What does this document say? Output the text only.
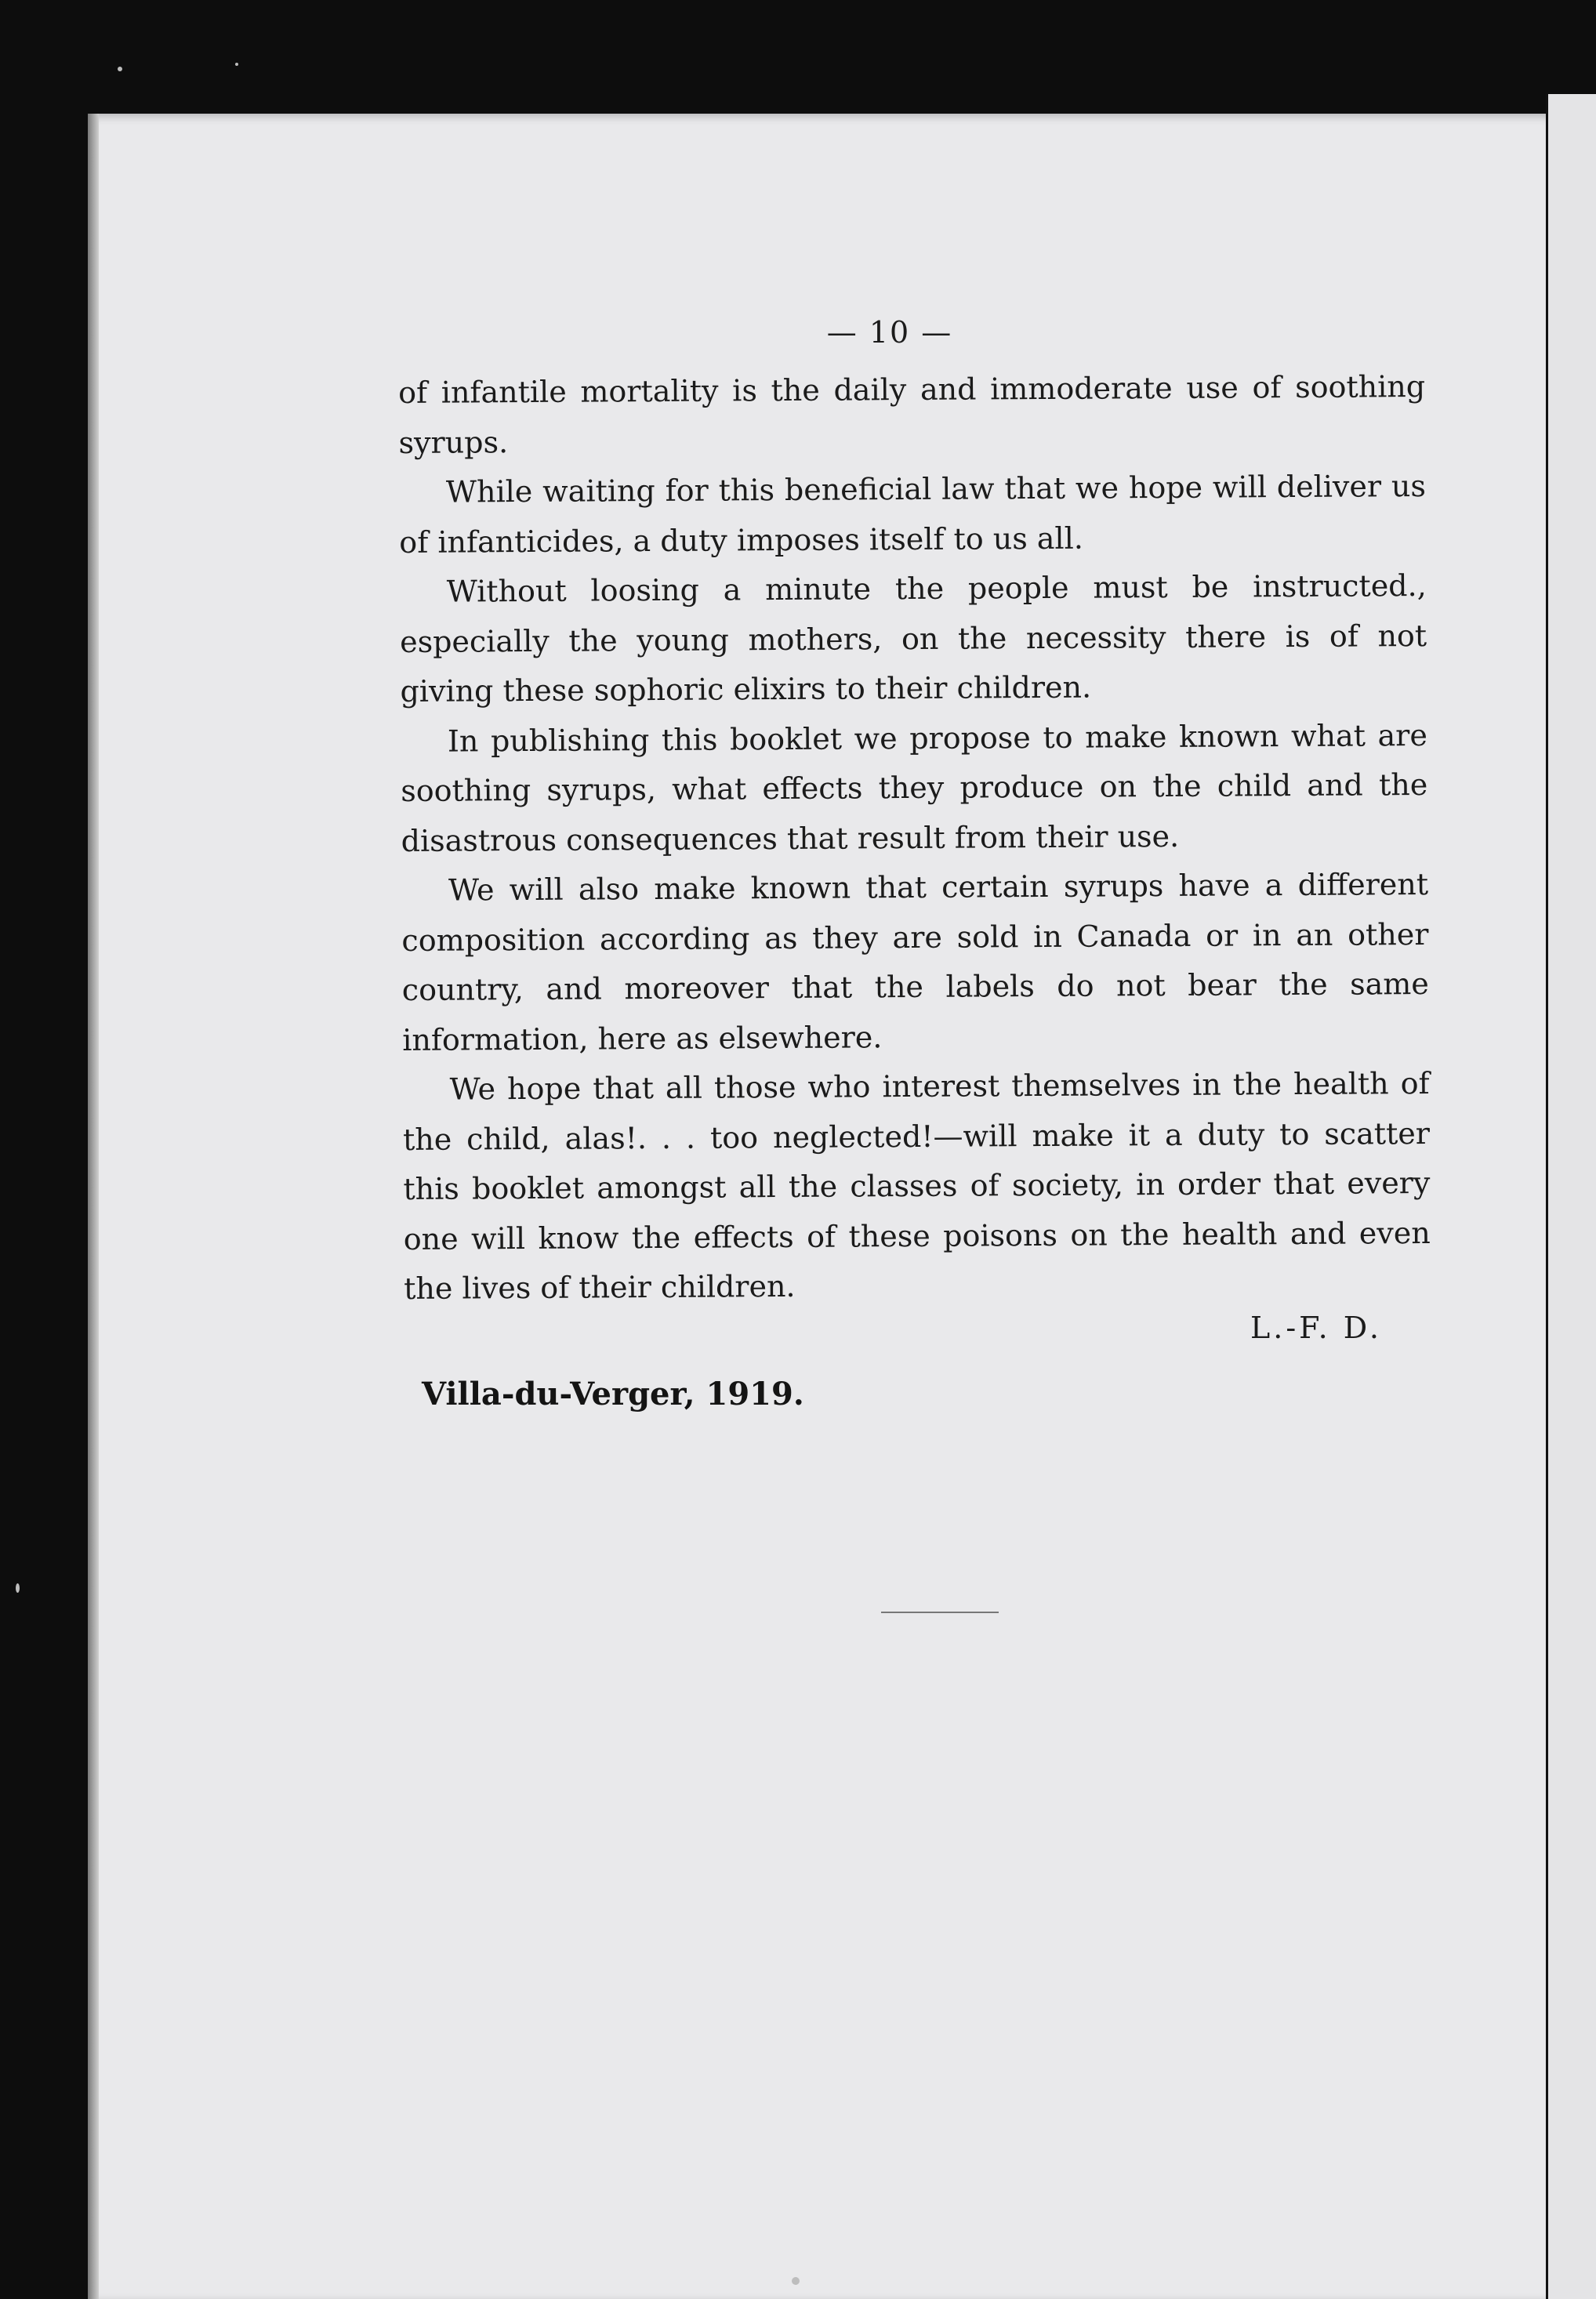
— 10 —

of infantile mortality is the daily and immoderate use of soothing syrups.

While waiting for this beneficial law that we hope will deliver us of infanticides, a duty imposes itself to us all.

Without loosing a minute the people must be instructed., especially the young mothers, on the necessity there is of not giving these sophoric elixirs to their children.

In publishing this booklet we propose to make known what are soothing syrups, what effects they produce on the child and the disastrous consequences that result from their use.

We will also make known that certain syrups have a different composition according as they are sold in Canada or in an other country, and moreover that the labels do not bear the same information, here as elsewhere.

We hope that all those who interest themselves in the health of the child, alas!. . . too neglected!—will make it a duty to scatter this booklet amongst all the classes of society, in order that every one will know the effects of these poisons on the health and even the lives of their children.

L.-F. D.
Villa-du-Verger, 1919.
